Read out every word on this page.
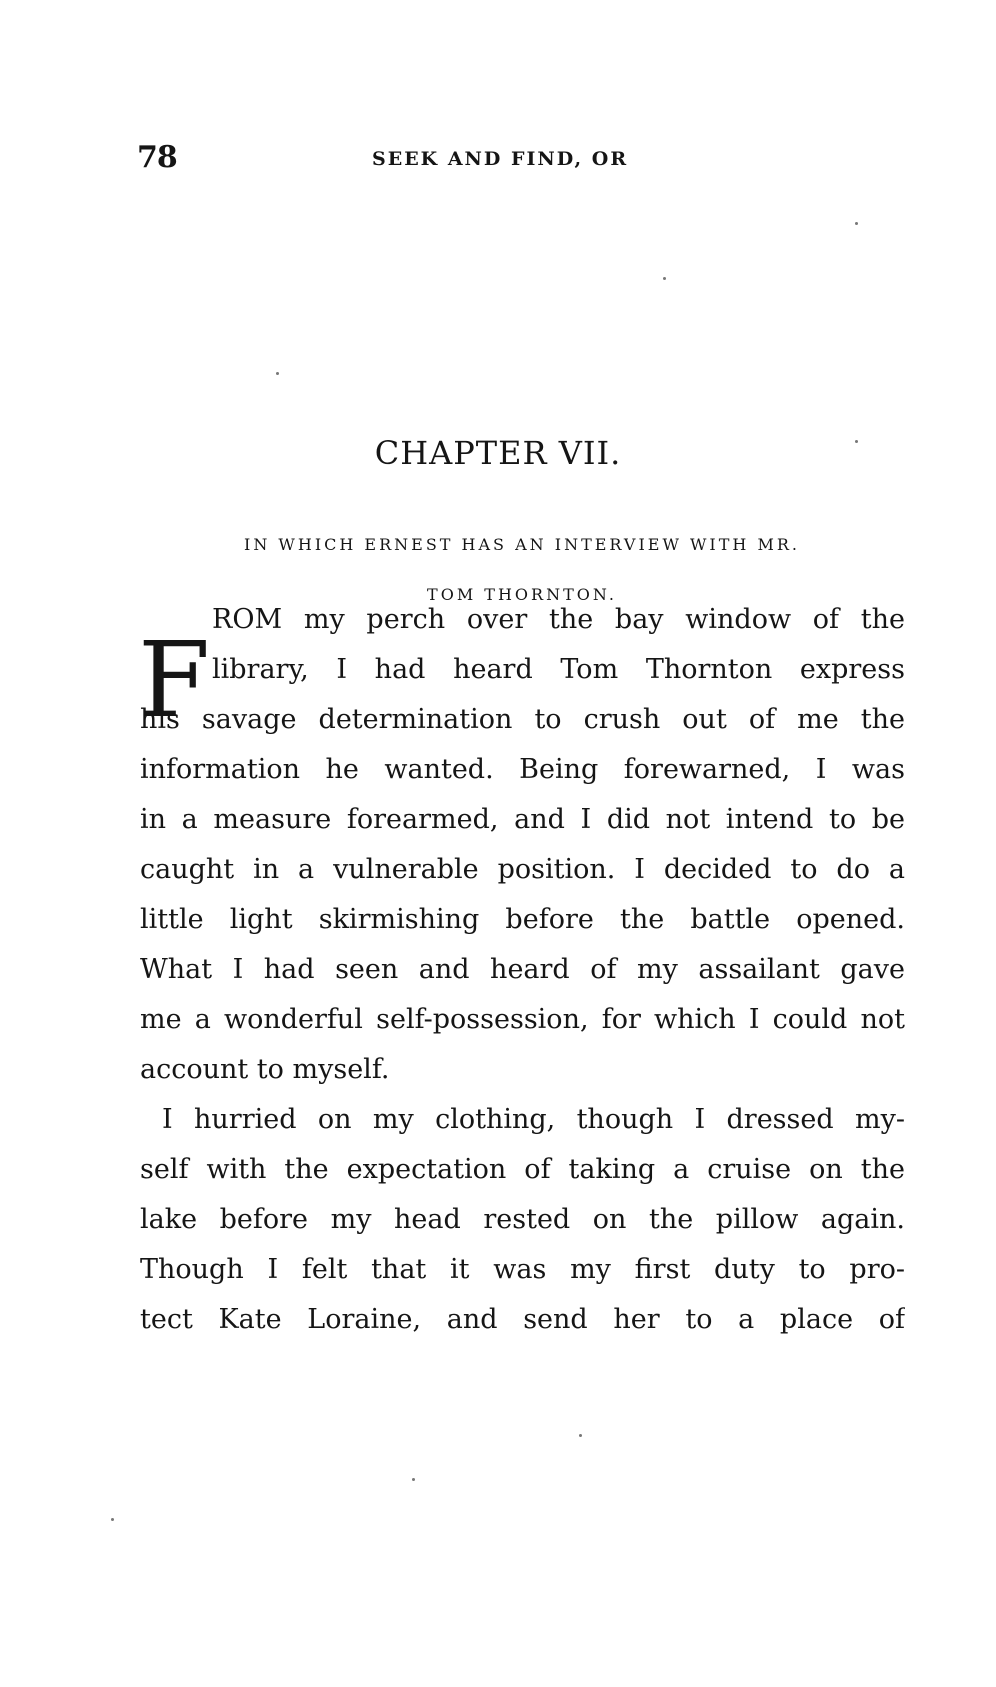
78	SEEK AND FIND, OR
CHAPTER VII.
IN WHICH ERNEST HAS AN INTERVIEW WITH MR.
TOM THORNTON.
F ROM my perch over the bay window of the
library, I had heard Tom Thornton express
his savage determination to crush out of me the
information he wanted. Being forewarned, I was
in a measure forearmed, and I did not intend to be
caught in a vulnerable position. I decided to do a
little light skirmishing before the battle opened.
What I had seen and heard of my assailant gave
me a wonderful self-possession, for which I could not
account to myself.
I hurried on my clothing, though I dressed my-
self with the expectation of taking a cruise on the
lake before my head rested on the pillow again.
Though I felt that it was my first duty to pro-
tect Kate Loraine, and send her to a place of
